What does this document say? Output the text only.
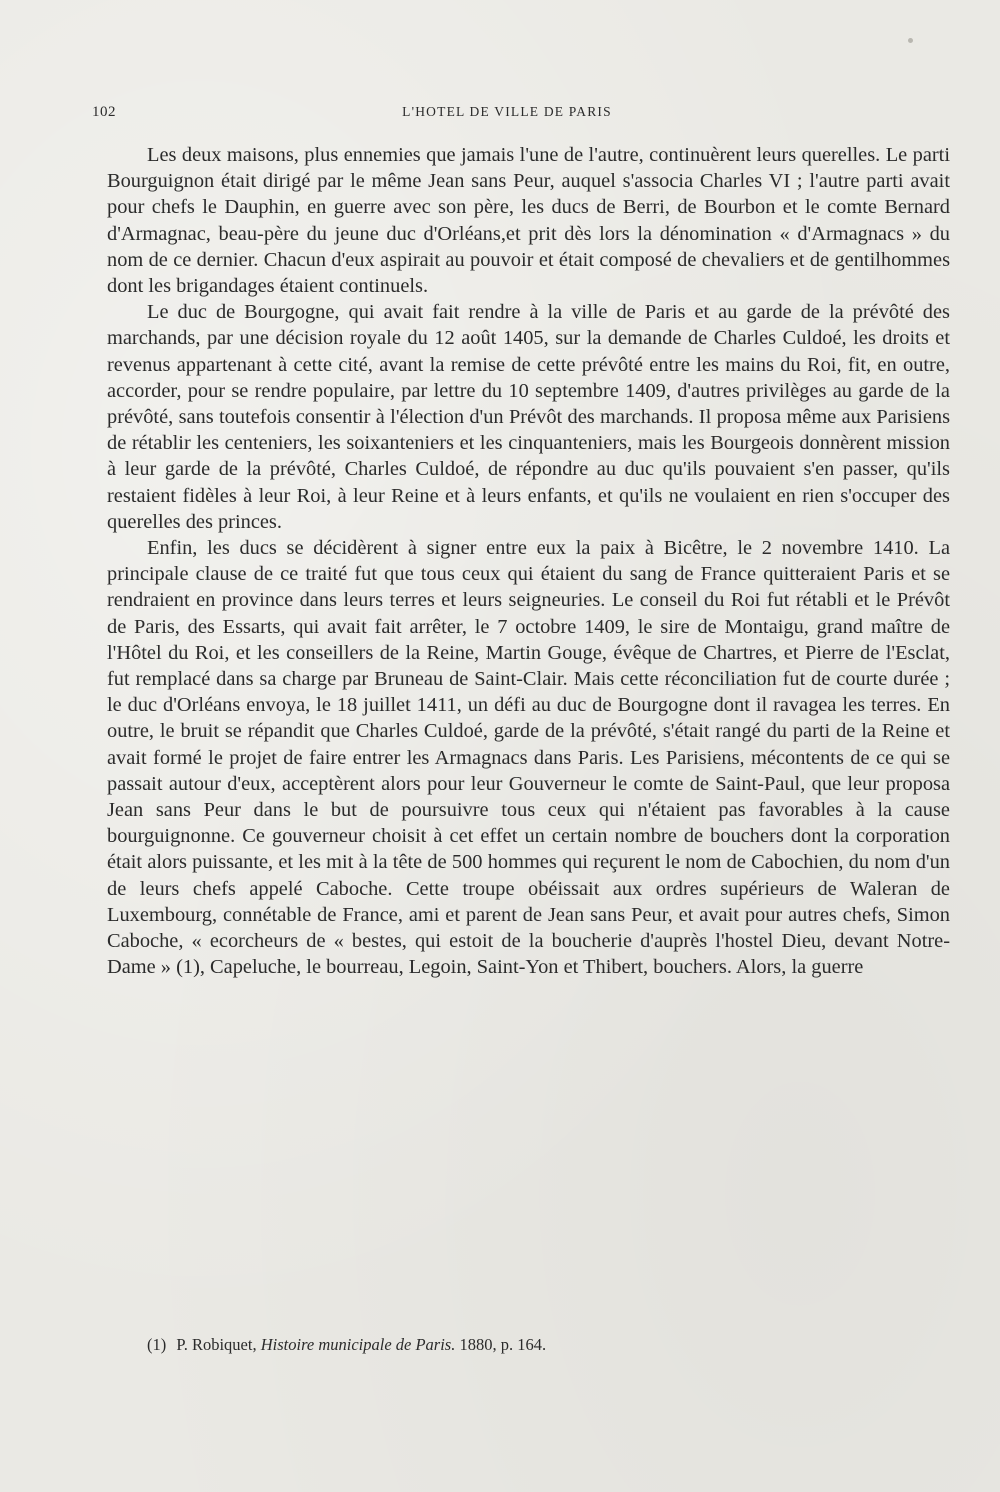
102	L'HOTEL DE VILLE DE PARIS

Les deux maisons, plus ennemies que jamais l'une de l'autre, continuèrent leurs querelles. Le parti Bourguignon était dirigé par le même Jean sans Peur, auquel s'associa Charles VI ; l'autre parti avait pour chefs le Dauphin, en guerre avec son père, les ducs de Berri, de Bourbon et le comte Bernard d'Armagnac, beau-père du jeune duc d'Orléans,et prit dès lors la dénomination « d'Armagnacs » du nom de ce dernier. Chacun d'eux aspirait au pouvoir et était composé de chevaliers et de gentilhommes dont les brigandages étaient continuels.

Le duc de Bourgogne, qui avait fait rendre à la ville de Paris et au garde de la prévôté des marchands, par une décision royale du 12 août 1405, sur la demande de Charles Culdoé, les droits et revenus appartenant à cette cité, avant la remise de cette prévôté entre les mains du Roi, fit, en outre, accorder, pour se rendre populaire, par lettre du 10 septembre 1409, d'autres privilèges au garde de la prévôté, sans toutefois consentir à l'élection d'un Prévôt des marchands. Il proposa même aux Parisiens de rétablir les centeniers, les soixanteniers et les cinquanteniers, mais les Bourgeois donnèrent mission à leur garde de la prévôté, Charles Culdoé, de répondre au duc qu'ils pouvaient s'en passer, qu'ils restaient fidèles à leur Roi, à leur Reine et à leurs enfants, et qu'ils ne voulaient en rien s'occuper des querelles des princes.

Enfin, les ducs se décidèrent à signer entre eux la paix à Bicêtre, le 2 novembre 1410. La principale clause de ce traité fut que tous ceux qui étaient du sang de France quitteraient Paris et se rendraient en province dans leurs terres et leurs seigneuries. Le conseil du Roi fut rétabli et le Prévôt de Paris, des Essarts, qui avait fait arrêter, le 7 octobre 1409, le sire de Montaigu, grand maître de l'Hôtel du Roi, et les conseillers de la Reine, Martin Gouge, évêque de Chartres, et Pierre de l'Esclat, fut remplacé dans sa charge par Bruneau de Saint-Clair. Mais cette réconciliation fut de courte durée ; le duc d'Orléans envoya, le 18 juillet 1411, un défi au duc de Bourgogne dont il ravagea les terres. En outre, le bruit se répandit que Charles Culdoé, garde de la prévôté, s'était rangé du parti de la Reine et avait formé le projet de faire entrer les Armagnacs dans Paris. Les Parisiens, mécontents de ce qui se passait autour d'eux, acceptèrent alors pour leur Gouverneur le comte de Saint-Paul, que leur proposa Jean sans Peur dans le but de poursuivre tous ceux qui n'étaient pas favorables à la cause bourguignonne. Ce gouverneur choisit à cet effet un certain nombre de bouchers dont la corporation était alors puissante, et les mit à la tête de 500 hommes qui reçurent le nom de Cabochien, du nom d'un de leurs chefs appelé Caboche. Cette troupe obéissait aux ordres supérieurs de Waleran de Luxembourg, connétable de France, ami et parent de Jean sans Peur, et avait pour autres chefs, Simon Caboche, « ecorcheurs de « bestes, qui estoit de la boucherie d'auprès l'hostel Dieu, devant Notre-Dame » (1), Capeluche, le bourreau, Legoin, Saint-Yon et Thibert, bouchers. Alors, la guerre

(1) P. Robiquet, Histoire municipale de Paris. 1880, p. 164.
